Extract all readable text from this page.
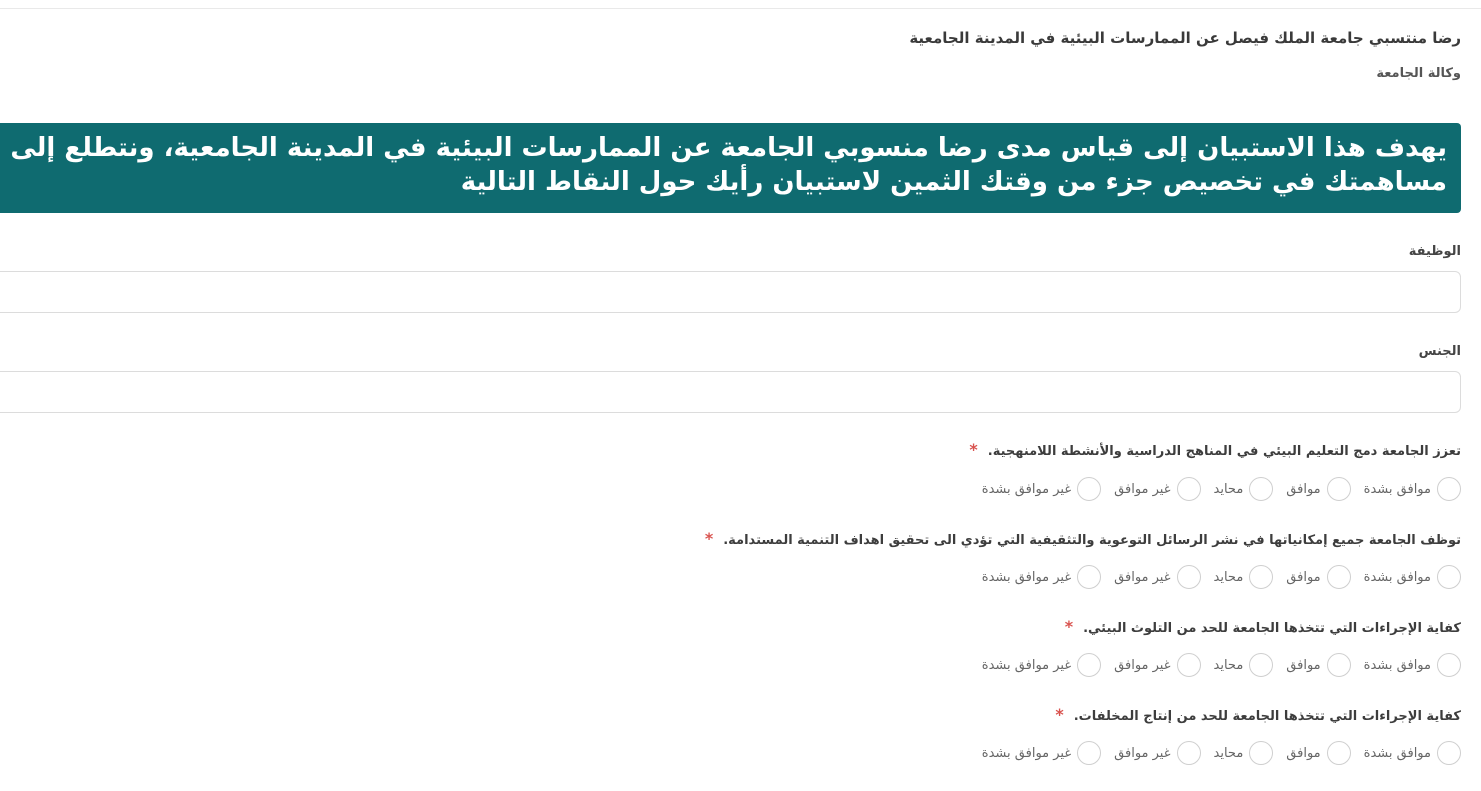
رضا منتسبي جامعة الملك فيصل عن الممارسات البيئية في المدينة الجامعية
وكالة الجامعة
يهدف هذا الاستبيان إلى قياس مدى رضا منسوبي الجامعة عن الممارسات البيئية في المدينة الجامعية، ونتطلع إلى مساهمتك في تخصيص جزء من وقتك الثمين لاستبيان رأيك حول النقاط التالية
الوظيفة
الجنس
تعزز الجامعة دمج التعليم البيئي في المناهج الدراسية والأنشطة اللامنهجية.*
موافق بشدة
موافق
محايد
غير موافق
غير موافق بشدة
توظف الجامعة جميع إمكانياتها في نشر الرسائل التوعوية والتثقيفية التي تؤدي الى تحقيق اهداف التنمية المستدامة.*
موافق بشدة
موافق
محايد
غير موافق
غير موافق بشدة
كفاية الإجراءات التي تتخذها الجامعة للحد من التلوث البيئي.*
موافق بشدة
موافق
محايد
غير موافق
غير موافق بشدة
كفاية الإجراءات التي تتخذها الجامعة للحد من إنتاج المخلفات.*
موافق بشدة
موافق
محايد
غير موافق
غير موافق بشدة
